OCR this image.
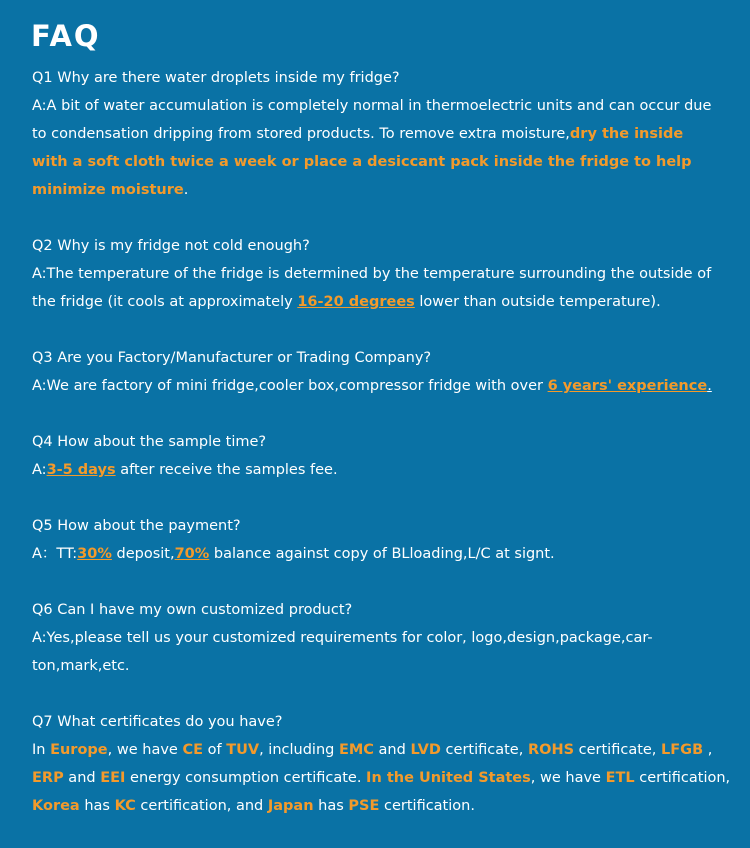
FAQ

Q1 Why are there water droplets inside my fridge?

A:A bit of water accumulation is completely normal in thermoelectric units and can occur due

to condensation dripping from stored products. To remove extra moisture,dry the inside

with a soft cloth twice a week or place a desiccant pack inside the fridge to help

minimize moisture.

Q2 Why is my fridge not cold enough?

A:The temperature of the fridge is determined by the temperature surrounding the outside of

the fridge (it cools at approximately 16-20 degrees lower than outside temperature).

Q3 Are you Factory/Manufacturer or Trading Company?

A:We are factory of mini fridge,cooler box,compressor fridge with over 6 years' experience.

Q4 How about the sample time?

A:3-5 days after receive the samples fee.

Q5 How about the payment?

A：TT:30% deposit,70% balance against copy of BLloading,L/C at signt.

Q6 Can I have my own customized product?

A:Yes,please tell us your customized requirements for color, logo,design,package,car-

ton,mark,etc.

Q7 What certificates do you have?

In Europe, we have CE of TUV, including EMC and LVD certificate, ROHS certificate, LFGB ,

ERP and EEI energy consumption certificate. In the United States, we have ETL certification,

Korea has KC certification, and Japan has PSE certification.
